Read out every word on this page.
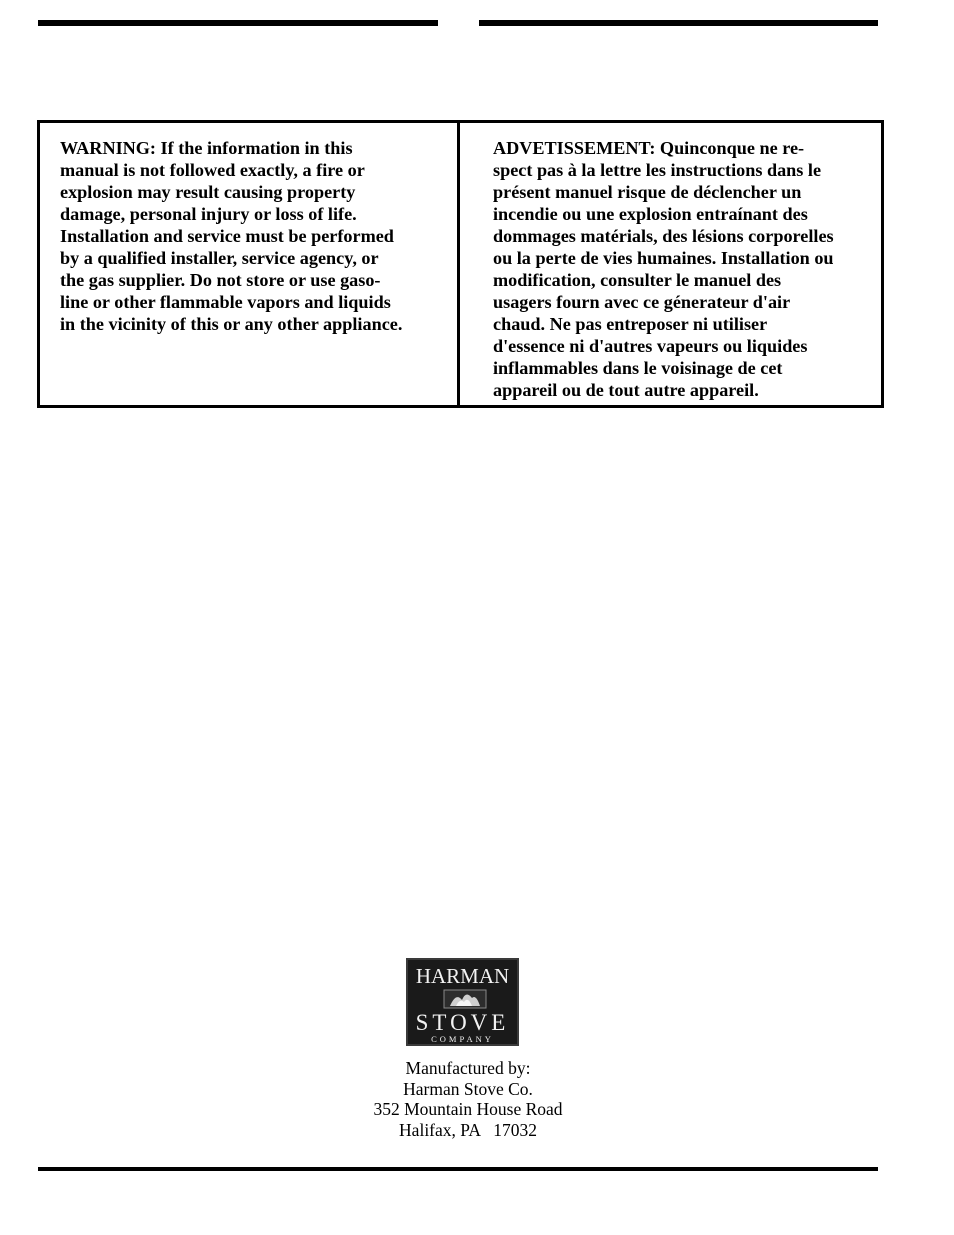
WARNING: If the information in this
manual is not followed exactly, a fire or
explosion may result causing property
damage, personal injury or loss of life.
Installation and service must be performed
by a qualified installer, service agency, or
the gas supplier. Do not store or use gaso-
line or other flammable vapors and liquids
in the vicinity of this or any other appliance.
ADVETISSEMENT: Quinconque ne re-
spect pas à la lettre les instructions dans le
présent manuel risque de déclencher un
incendie ou une explosion entraínant des
dommages matérials, des lésions corporelles
ou la perte de vies humaines. Installation ou
modification, consulter le manuel des
usagers fourn avec ce génerateur d'air
chaud. Ne pas entreposer ni utiliser
d'essence ni d'autres vapeurs ou liquides
inflammables dans le voisinage de cet
appareil ou de tout autre appareil.
HARMAN
STOVE
COMPANY
Manufactured by:
Harman Stove Co.
352 Mountain House Road
Halifax, PA   17032
